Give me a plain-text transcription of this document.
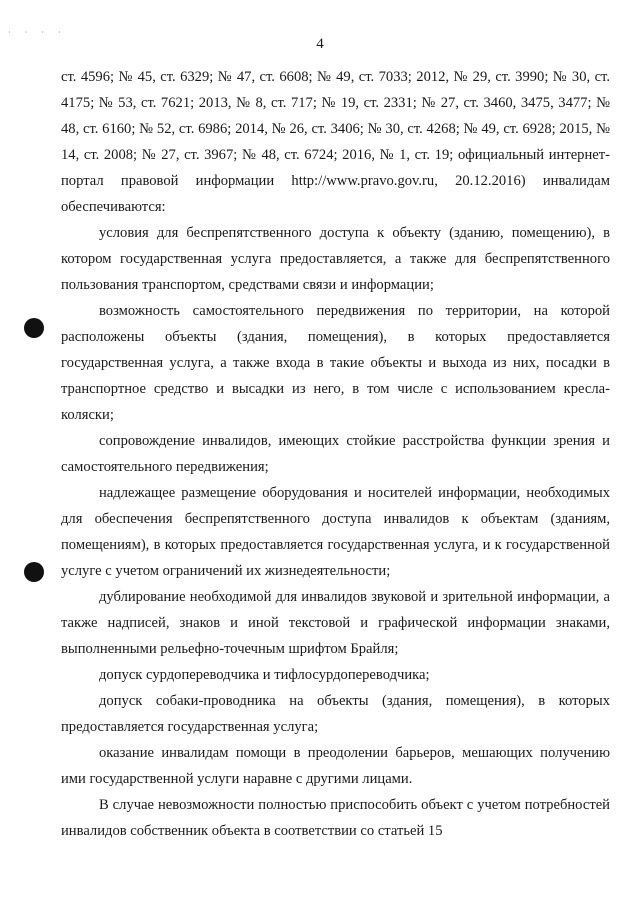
· · · ·
4

ст. 4596; № 45, ст. 6329; № 47, ст. 6608; № 49, ст. 7033; 2012, № 29, ст. 3990; № 30, ст. 4175; № 53, ст. 7621; 2013, № 8, ст. 717; № 19, ст. 2331; № 27, ст. 3460, 3475, 3477; № 48, ст. 6160; № 52, ст. 6986; 2014, № 26, ст. 3406; № 30, ст. 4268; № 49, ст. 6928; 2015, № 14, ст. 2008; № 27, ст. 3967; № 48, ст. 6724; 2016, № 1, ст. 19; официальный интернет-портал правовой информации http://www.pravo.gov.ru, 20.12.2016) инвалидам обеспечиваются:

условия для беспрепятственного доступа к объекту (зданию, помещению), в котором государственная услуга предоставляется, а также для беспрепятственного пользования транспортом, средствами связи и информации;

возможность самостоятельного передвижения по территории, на которой расположены объекты (здания, помещения), в которых предоставляется государственная услуга, а также входа в такие объекты и выхода из них, посадки в транспортное средство и высадки из него, в том числе с использованием кресла-коляски;

сопровождение инвалидов, имеющих стойкие расстройства функции зрения и самостоятельного передвижения;

надлежащее размещение оборудования и носителей информации, необходимых для обеспечения беспрепятственного доступа инвалидов к объектам (зданиям, помещениям), в которых предоставляется государственная услуга, и к государственной услуге с учетом ограничений их жизнедеятельности;

дублирование необходимой для инвалидов звуковой и зрительной информации, а также надписей, знаков и иной текстовой и графической информации знаками, выполненными рельефно-точечным шрифтом Брайля;

допуск сурдопереводчика и тифлосурдопереводчика;

допуск собаки-проводника на объекты (здания, помещения), в которых предоставляется государственная услуга;

оказание инвалидам помощи в преодолении барьеров, мешающих получению ими государственной услуги наравне с другими лицами.

В случае невозможности полностью приспособить объект с учетом потребностей инвалидов собственник объекта в соответствии со статьей 15
